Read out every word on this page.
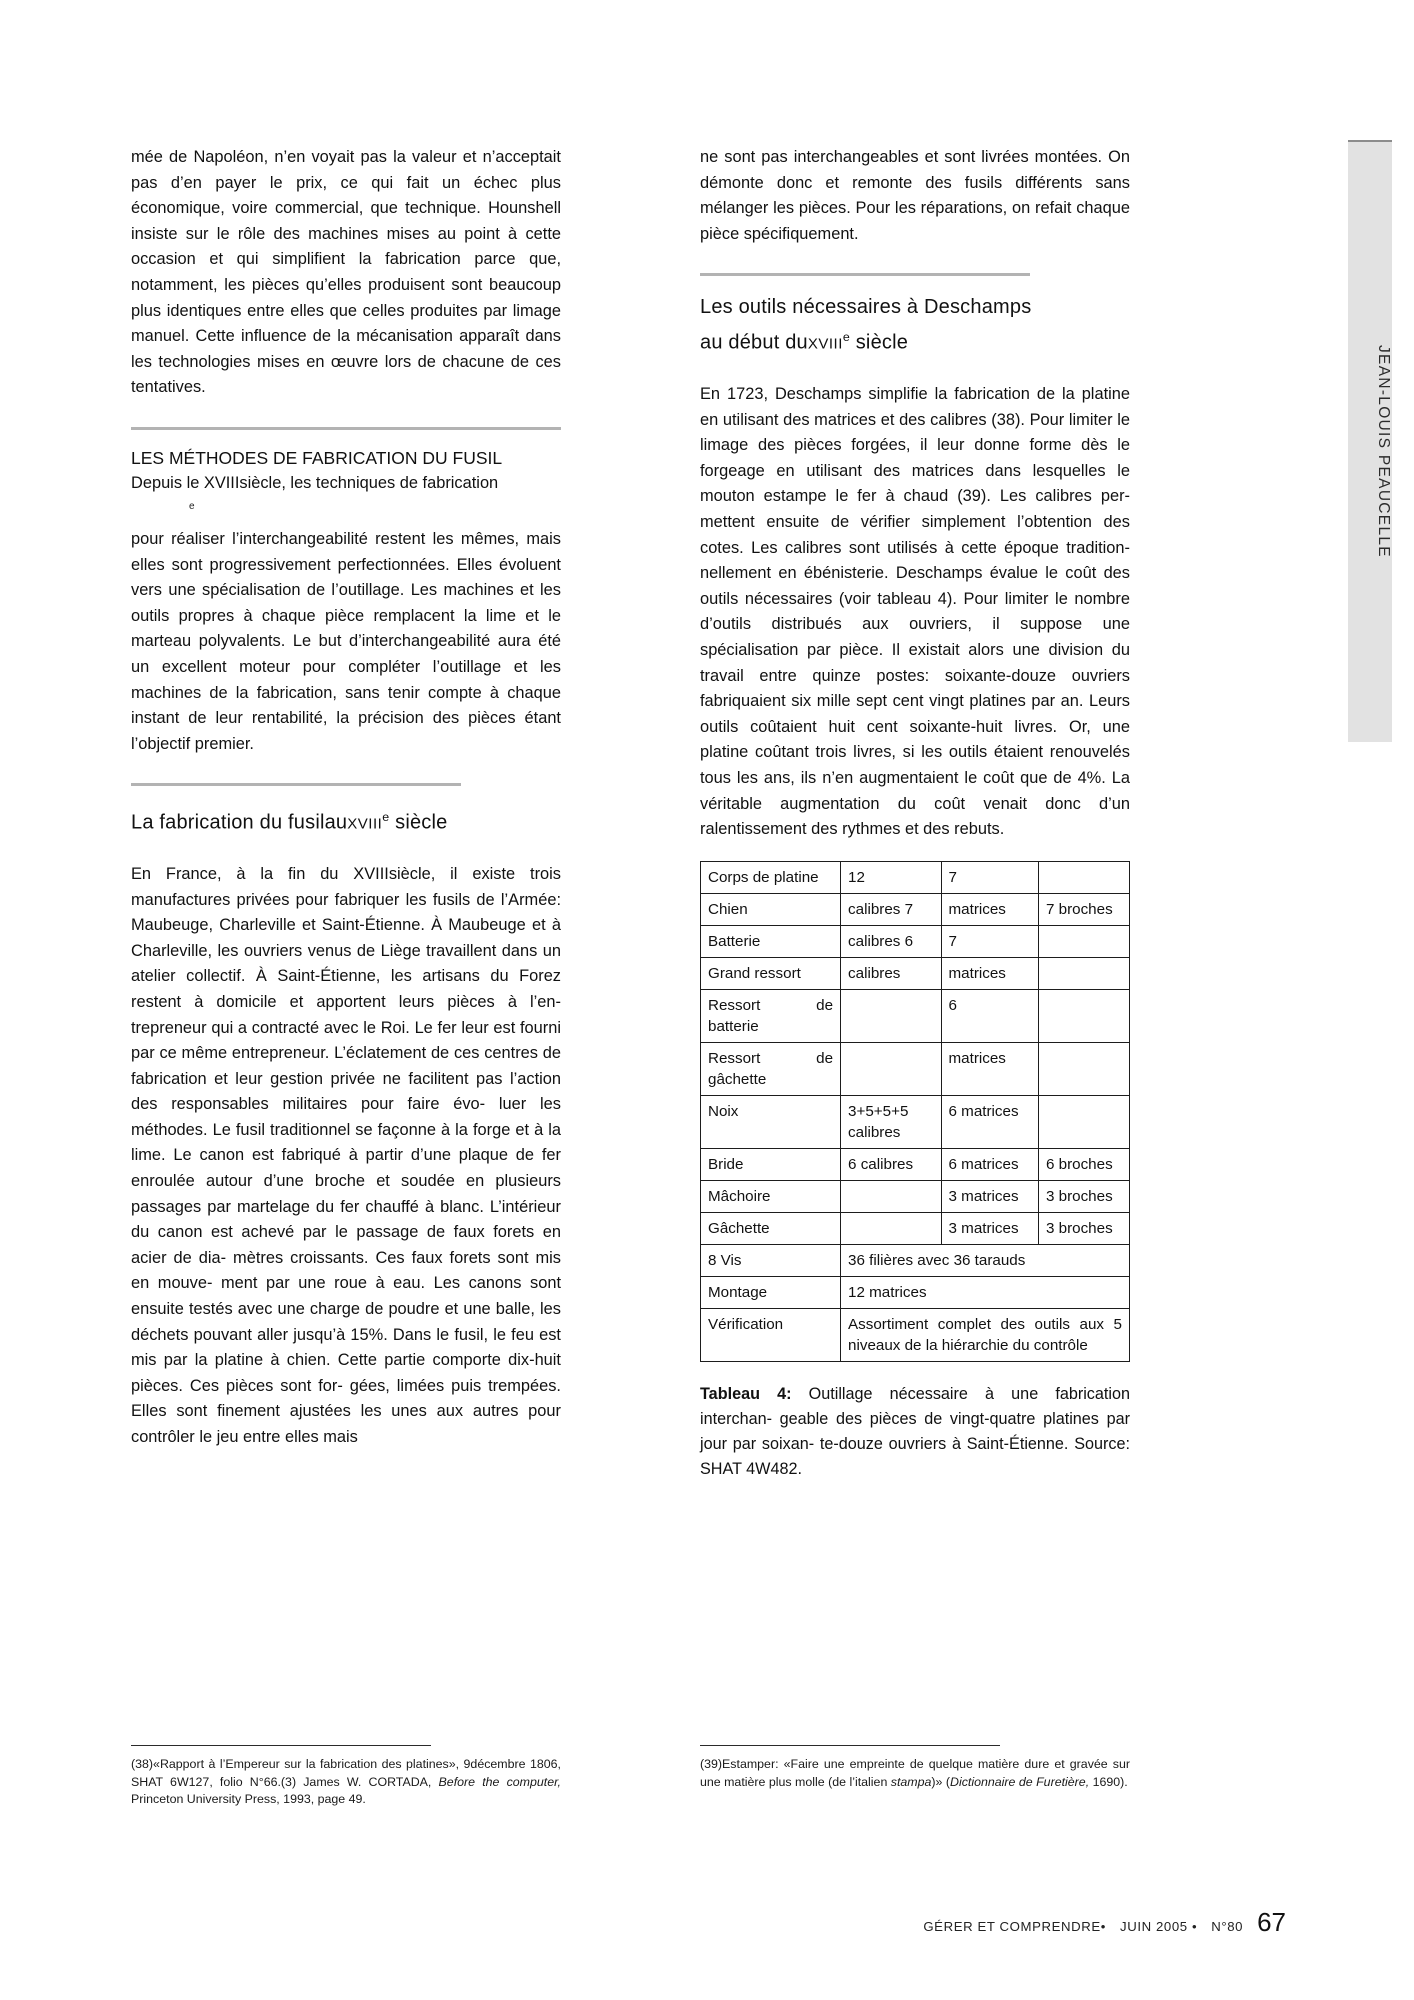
JEAN-LOUIS PEAUCELLE

mée de Napoléon, n’en voyait pas la valeur et n’acceptait pas d’en payer le prix, ce qui fait un échec plus économique, voire commercial, que technique. Hounshell insiste sur le rôle des machines mises au point à cette occasion et qui simplifient la fabrication parce que, notamment, les pièces qu’elles produisent sont beaucoup plus identiques entre elles que celles produites par limage manuel. Cette influence de la mécanisation apparaît dans les technologies mises en œuvre lors de chacune de ces tentatives.

LES MÉTHODES DE FABRICATION DU FUSIL
Depuis le XVIIIsiècle, les techniques de fabrication
e

pour réaliser l’interchangeabilité restent les mêmes, mais elles sont progressivement perfectionnées. Elles évoluent vers une spécialisation de l’outillage. Les machines et les outils propres à chaque pièce remplacent la lime et le marteau polyvalents. Le but d’interchangeabilité aura été un excellent moteur pour compléter l’outillage et les machines de la fabrication, sans tenir compte à chaque instant de leur rentabilité, la précision des pièces étant l’objectif premier.

La fabrication du fusilauXVIII$^e$ siècle

En France, à la fin du XVIIIsiècle, il existe trois manufactures privées pour fabriquer les fusils de l’Armée: Maubeuge, Charleville et Saint-Étienne. À Maubeuge et à Charleville, les ouvriers venus de Liège travaillent dans un atelier collectif. À Saint-Étienne, les artisans du Forez restent à domicile et apportent leurs pièces à l’en- trepreneur qui a contracté avec le Roi. Le fer leur est fourni par ce même entrepreneur. L’éclatement de ces centres de fabrication et leur gestion privée ne facilitent pas l’action des responsables militaires pour faire évo- luer les méthodes. Le fusil traditionnel se façonne à la forge et à la lime. Le canon est fabriqué à partir d’une plaque de fer enroulée autour d’une broche et soudée en plusieurs passages par martelage du fer chauffé à blanc. L’intérieur du canon est achevé par le passage de faux forets en acier de dia- mètres croissants. Ces faux forets sont mis en mouve- ment par une roue à eau. Les canons sont ensuite testés avec une charge de poudre et une balle, les déchets pouvant aller jusqu’à 15%. Dans le fusil, le feu est mis par la platine à chien. Cette partie comporte dix-huit pièces. Ces pièces sont for- gées, limées puis trempées. Elles sont finement ajustées les unes aux autres pour contrôler le jeu entre elles mais

ne sont pas interchangeables et sont livrées montées. On démonte donc et remonte des fusils différents sans mélanger les pièces. Pour les réparations, on refait chaque pièce spécifiquement.

Les outils nécessaires à Deschamps
au début duXVIII$^e$ siècle

En 1723, Deschamps simplifie la fabrication de la platine en utilisant des matrices et des calibres (38). Pour limiter le limage des pièces forgées, il leur donne forme dès le forgeage en utilisant des matrices dans lesquelles le mouton estampe le fer à chaud (39). Les calibres per- mettent ensuite de vérifier simplement l’obtention des cotes. Les calibres sont utilisés à cette époque tradition- nellement en ébénisterie. Deschamps évalue le coût des outils nécessaires (voir tableau 4). Pour limiter le nombre d’outils distribués aux ouvriers, il suppose une spécialisation par pièce. Il existait alors une division du travail entre quinze postes: soixante-douze ouvriers fabriquaient six mille sept cent vingt platines par an. Leurs outils coûtaient huit cent soixante-huit livres. Or, une platine coûtant trois livres, si les outils étaient renouvelés tous les ans, ils n’en augmentaient le coût que de 4%. La véritable augmentation du coût venait donc d’un ralentissement des rythmes et des rebuts.

Corps de platine	12	7	
Chien	calibres 7	matrices	7 broches
Batterie	calibres 6	7	
Grand ressort	calibres	matrices	
Ressort de batterie		6	
Ressort de gâchette		matrices	
Noix	3+5+5+5 calibres	6 matrices	
Bride	6 calibres	6 matrices	6 broches
Mâchoire		3 matrices	3 broches
Gâchette		3 matrices	3 broches
8 Vis	36 filières avec 36 tarauds		
Montage	12 matrices		
Vérification	Assortiment complet des outils aux 5 niveaux de la hiérarchie du contrôle		
Tableau 4: Outillage nécessaire à une fabrication interchan- geable des pièces de vingt-quatre platines par jour par soixan- te-douze ouvriers à Saint-Étienne. Source: SHAT 4W482.
(38)«Rapport à l’Empereur sur la fabrication des platines», 9décembre 1806, SHAT 6W127, folio N°66.(3) James W. CORTADA, Before the computer, Princeton University Press, 1993, page 49.
(39)Estamper: «Faire une empreinte de quelque matière dure et gravée sur une matière plus molle (de l’italien stampa)» (Dictionnaire de Furetière, 1690).
GÉRER ET COMPRENDRE• JUIN 2005 • N°80 67
